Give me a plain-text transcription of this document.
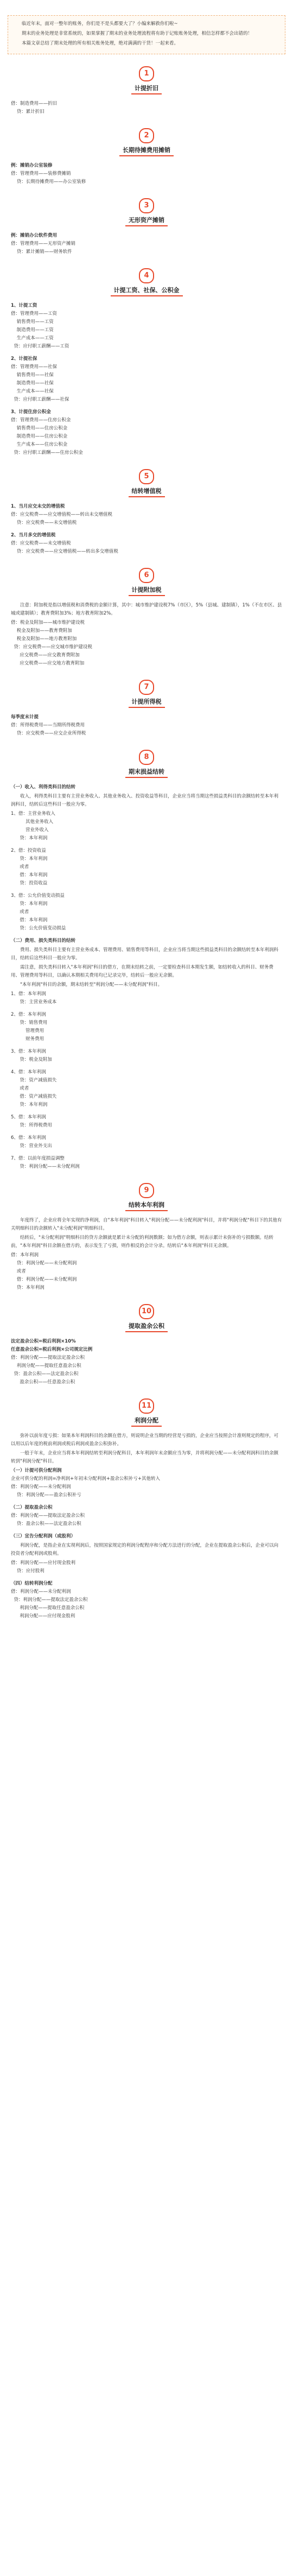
临近年末，面对一整年的账务，你们是不是头都要大了？小编来解救你们啦~

期末的业务处理是非常系统的，如果掌握了期末的业务处理流程将有助于记账账务处理，相信怎样都不会出错的！

本篇文章总结了期末处理的所有相关账务处理，绝对满满的干货！一起来看。

1
计提折旧
借：制造费用——折旧
贷：累计折旧
2
长期待摊费用摊销
例：摊销办公室装修
借：管理费用——装修费摊销
贷：长期待摊费用——办公室装修
3
无形资产摊销
例：摊销办公软件费用
借：管理费用——无形资产摊销
贷：累计摊销——财务软件
4
计提工资、社保、公积金
1、计提工资
借：管理费用——工资
销售费用——工资
制造费用——工资
生产成本——工资
贷：应付职工薪酬——工资
2、计提社保
借：管理费用——社保
销售费用——社保
制造费用——社保
生产成本——社保
贷：应付职工薪酬——社保
3、计提住房公积金
借：管理费用——住房公积金
销售费用——住房公积金
制造费用——住房公积金
生产成本——住房公积金
贷：应付职工薪酬——住房公积金
5
结转增值税
1、当月应交未交的增值税
借：应交税费——应交增值税——转出未交增值税
贷：应交税费——未交增值税
2、当月多交的增值税
借：应交税费——未交增值税
贷：应交税费——应交增值税——转出多交增值税
6
计提附加税
注意：附加税是指以增值税和消费税的金额计算，其中：城市维护建设税7%（市区），5%（县城、建制镇），1%（不在市区、县城或建制镇）；教育费附加3%；地方教育附加2%。
借：税金及附加——城市维护建设税
税金及附加——教育费附加
税金及附加——地方教育附加
贷：应交税费——应交城市维护建设税
应交税费——应交教育费附加
应交税费——应交地方教育附加
7
计提所得税
每季度末计提
借：所得税费用——当期所得税费用
贷：应交税费——应交企业所得税
8
期末损益结转
（一）收入、利得类科目的结转
收入，利得类科目主要有主营业务收入、其他业务收入、投资收益等科目，企业应当将当期这些损益类科目的余额结转至本年利润科目，结转后这些科目一般应为零。
1、借：主营业务收入
其他业务收入
营业外收入
贷：本年利润
2、借：投资收益
贷：本年利润
或者
借：本年利润
贷：投资收益
3、借：公允价值变动损益
贷：本年利润
或者
借：本年利润
贷：公允价值变动损益
（二）费用、损失类科目的结转
费用、损失类科目主要有主营业务成本、管理费用、销售费用等科目，企业应当将当期这些损益类科目的余额结转至本年利润科目，结转后这些科目一般应为零。
需注意，损失类科目转入"本年利润"科目的借方，在期末结转之前，一定要检查科目本期发生额，如结转收入的科目、财务费用、管理费用等科目，以确认本期相关费用均已记录完毕，结转后一般应无余额。
"本年利润"科目的余额，期末结转至"利润分配——未分配利润"科目。
1、借：本年利润
贷：主营业务成本
2、借：本年利润
贷：销售费用
管理费用
财务费用
3、借：本年利润
贷：税金及附加
4、借：本年利润
贷：资产减值损失
或者
借：资产减值损失
贷：本年利润
5、借：本年利润
贷：所得税费用
6、借：本年利润
贷：营业外支出
7、借：以前年度损益调整
贷：利润分配——未分配利润
9
结转本年利润
年度终了，企业应将全年实现的净利润，自"本年利润"科目转入"利润分配——未分配利润"科目，并将"利润分配"科目下的其他有关明细科目的余额转入"未分配利润"明细科目。
结转后，"未分配利润"明细科目的贷方余额就是累计未分配的利润数额；如为借方余额，则表示累计未弥补的亏损数额。结转前，"本年利润"科目余额在借方的，表示发生了亏损，则作相反的会计分录。结转后"本年利润"科目无余额。
借：本年利润
贷：利润分配——未分配利润
或者
借：利润分配——未分配利润
贷：本年利润
10
提取盈余公积
法定盈余公积=税后利润×10%
任意盈余公积=税后利润×公司规定比例
借：利润分配——提取法定盈余公积
利润分配——提取任意盈余公积
贷：盈余公积——法定盈余公积
盈余公积——任意盈余公积
11
利润分配
弥补以前年度亏损：如果本年利润科目的余额在借方，则说明企业当期的经营是亏损的，企业应当按照会计准则规定的程序，可以用以后年度的税前利润或税后利润或盈余公积弥补。
一般于年末，企业应当将本年利润结转至利润分配科目，本年利润年末余额应当为零，并将利润分配——未分配利润科目的余额转到"利润分配"科目。
（一）计提可供分配利润
企业可供分配的利润=净利润+年初未分配利润+盈余公积补亏+其他转入
借：利润分配——未分配利润
贷：利润分配——盈余公积补亏
（二）提取盈余公积
借：利润分配——提取法定盈余公积
贷：盈余公积——法定盈余公积
（三）宣告分配利润（或股利）
利润分配，是指企业在实现利润后，按照国家规定的利润分配程序和分配方法进行的分配，企业在提取盈余公积后，企业可以向投资者分配利润或股利。
借：利润分配——应付现金股利
贷：应付股利
（四）结转利润分配
借：利润分配——未分配利润
贷：利润分配——提取法定盈余公积
利润分配——提取任意盈余公积
利润分配——应付现金股利
